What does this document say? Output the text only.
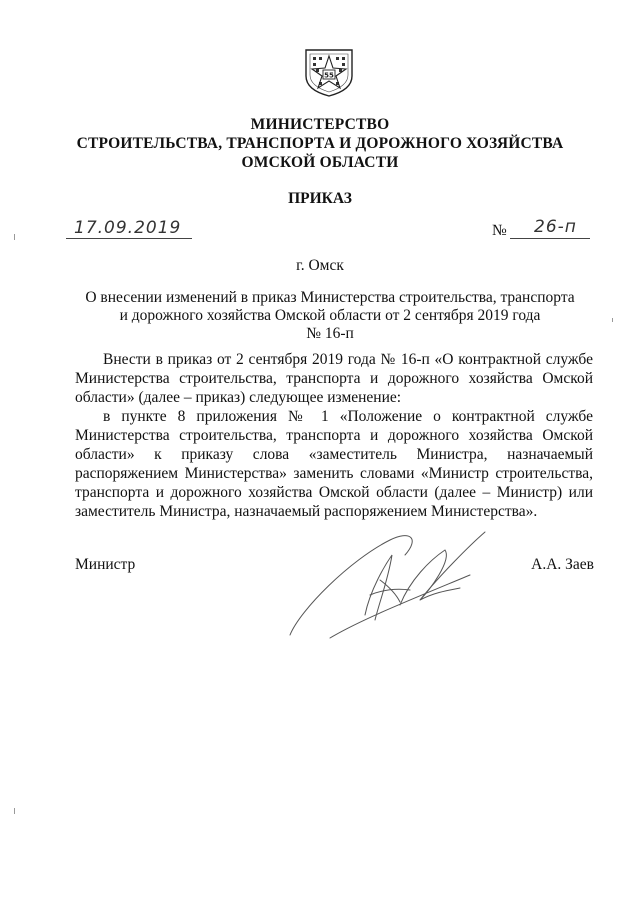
55
МИНИСТЕРСТВО
СТРОИТЕЛЬСТВА, ТРАНСПОРТА И ДОРОЖНОГО ХОЗЯЙСТВА
ОМСКОЙ ОБЛАСТИ
ПРИКАЗ
17.09.2019	№ 26-п
г. Омск
О внесении изменений в приказ Министерства строительства, транспорта
и дорожного хозяйства Омской области от 2 сентября 2019 года
№ 16-п

Внести в приказ от 2 сентября 2019 года № 16-п «О контрактной службе Министерства строительства, транспорта и дорожного хозяйства Омской области» (далее – приказ) следующее изменение:

в пункте 8 приложения № 1 «Положение о контрактной службе Министерства строительства, транспорта и дорожного хозяйства Омской области» к приказу слова «заместитель Министра, назначаемый распоряжением Министерства» заменить словами «Министр строительства, транспорта и дорожного хозяйства Омской области (далее – Министр) или заместитель Министра, назначаемый распоряжением Министерства».

Министр	А.А. Заев
